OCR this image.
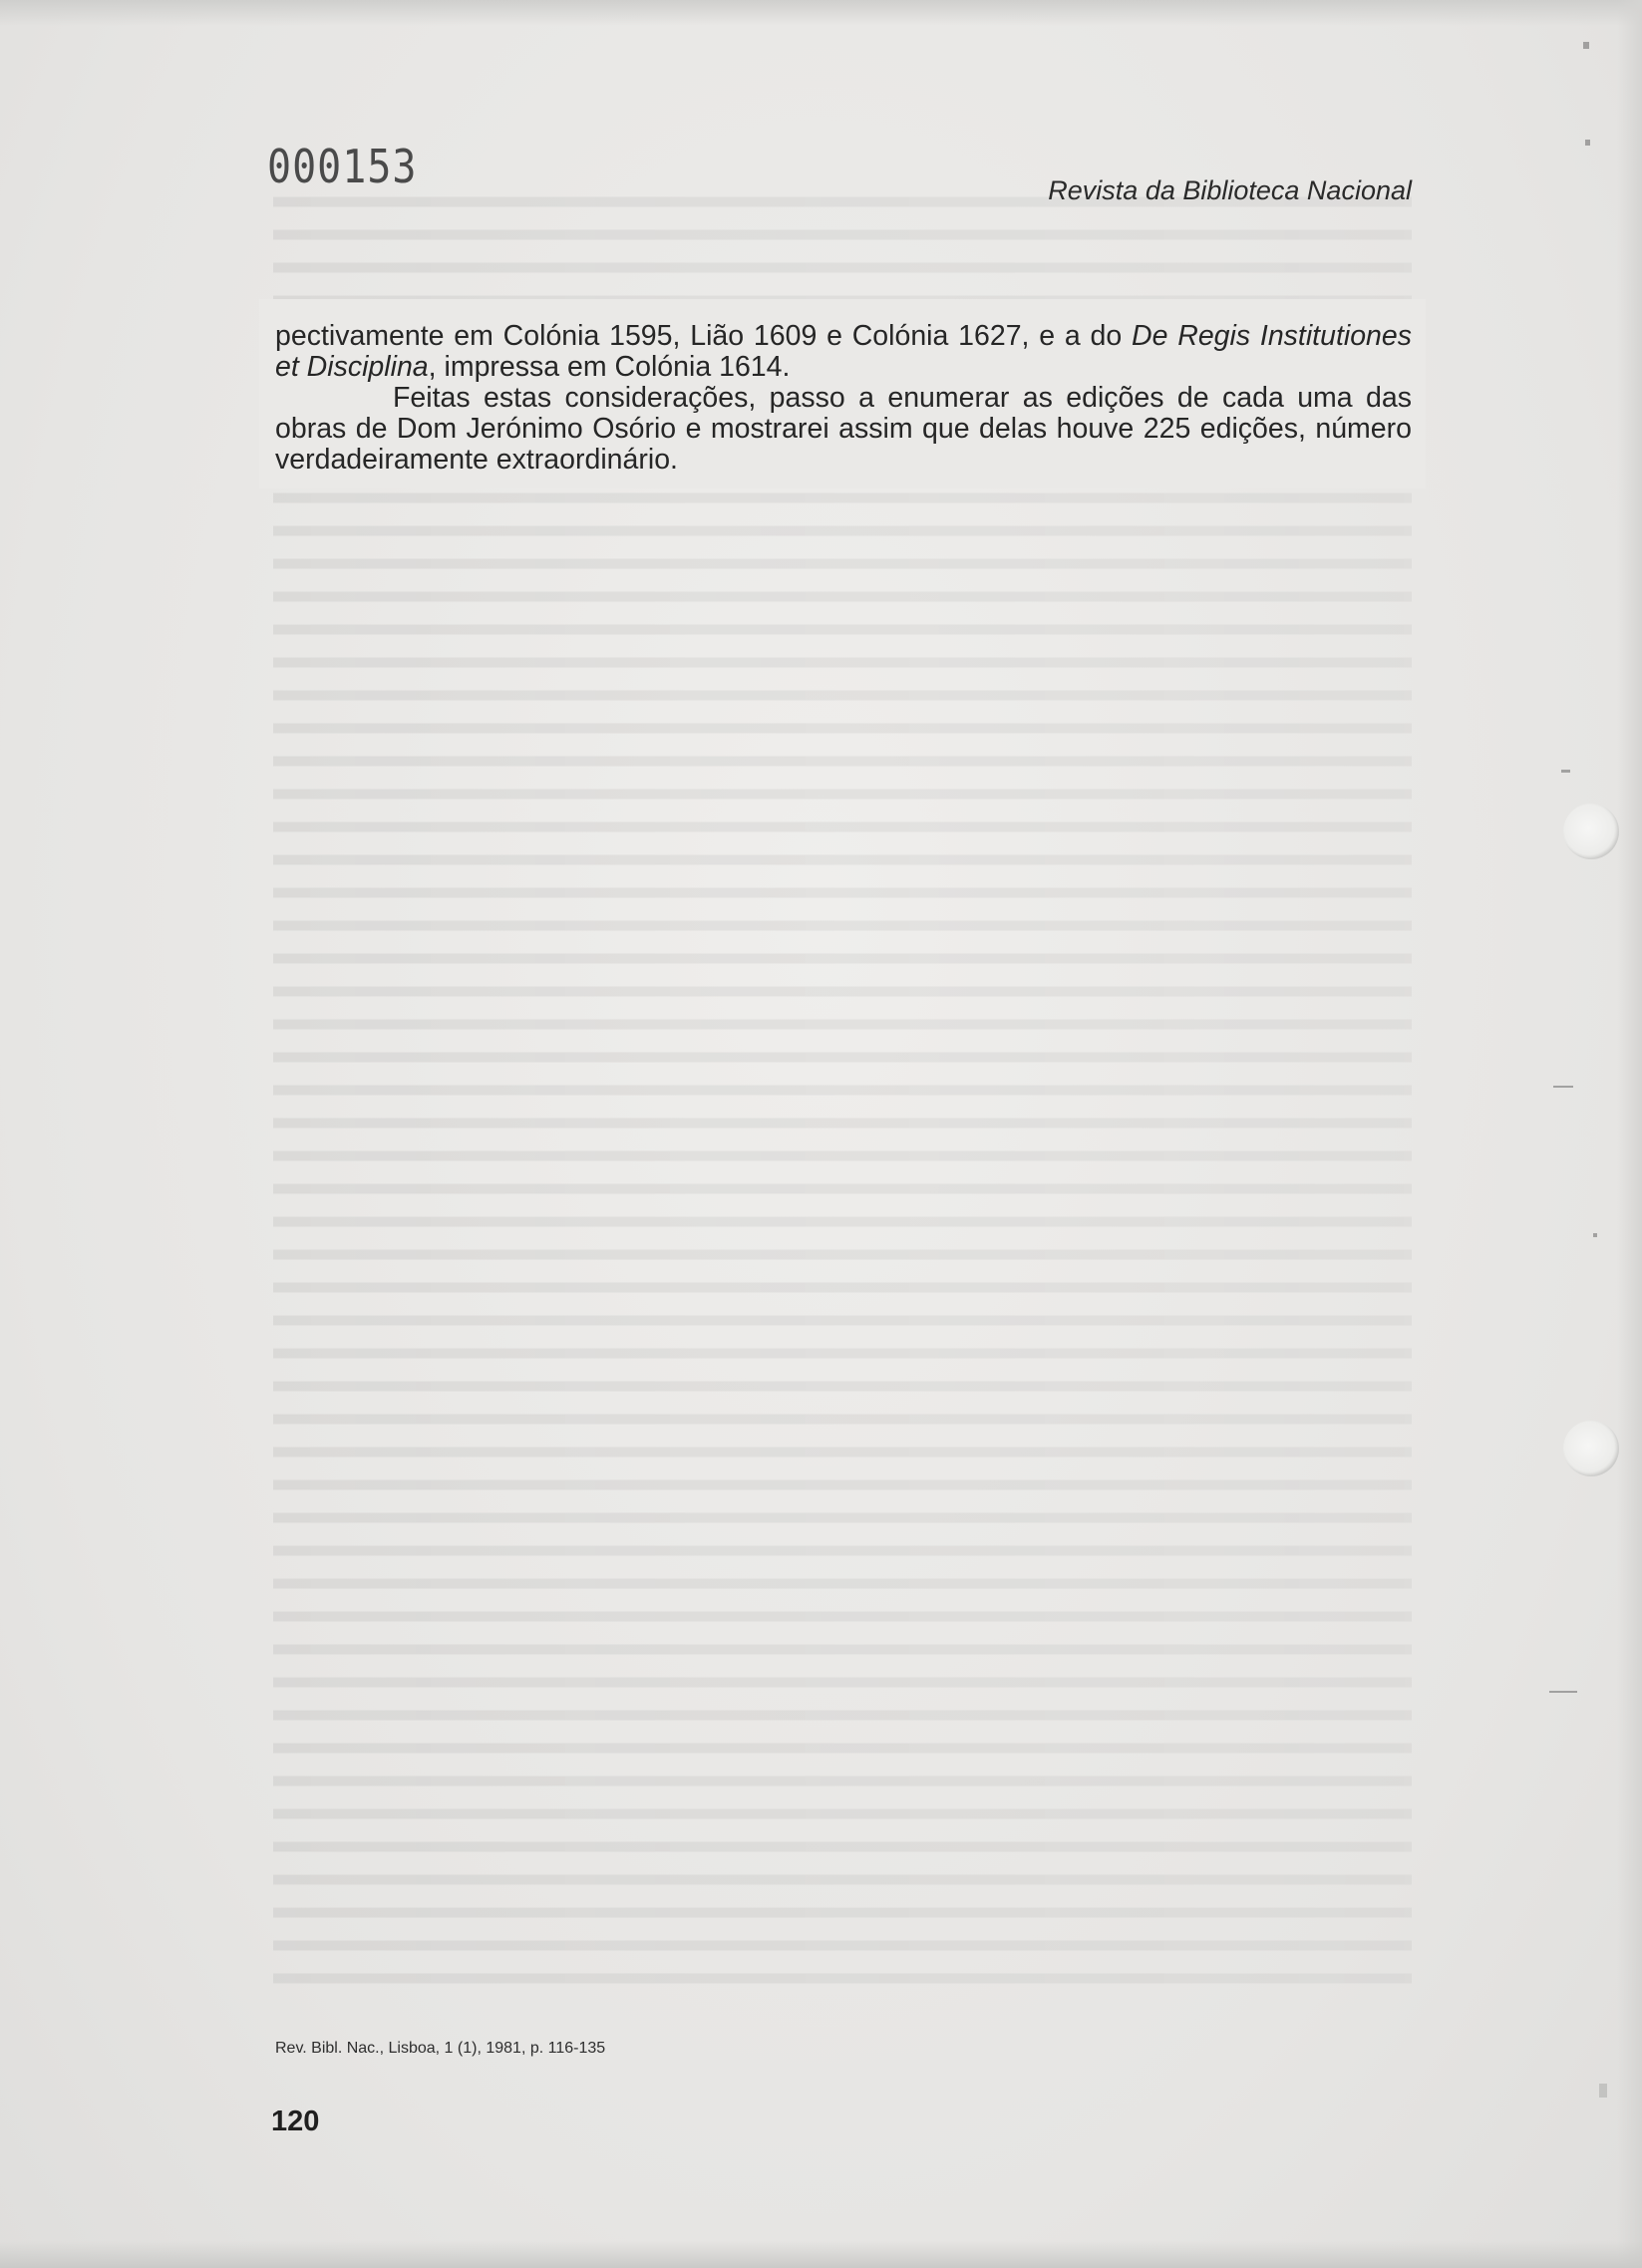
000153	Revista da Biblioteca Nacional

pectivamente em Colónia 1595, Lião 1609 e Colónia 1627, e a do De Regis Institutiones et Disciplina, impressa em Colónia 1614.

Feitas estas considerações, passo a enumerar as edições de cada uma das obras de Dom Jerónimo Osório e mostrarei assim que delas houve 225 edições, número verdadeiramente extraordinário.

Rev. Bibl. Nac., Lisboa, 1 (1), 1981, p. 116-135
120
